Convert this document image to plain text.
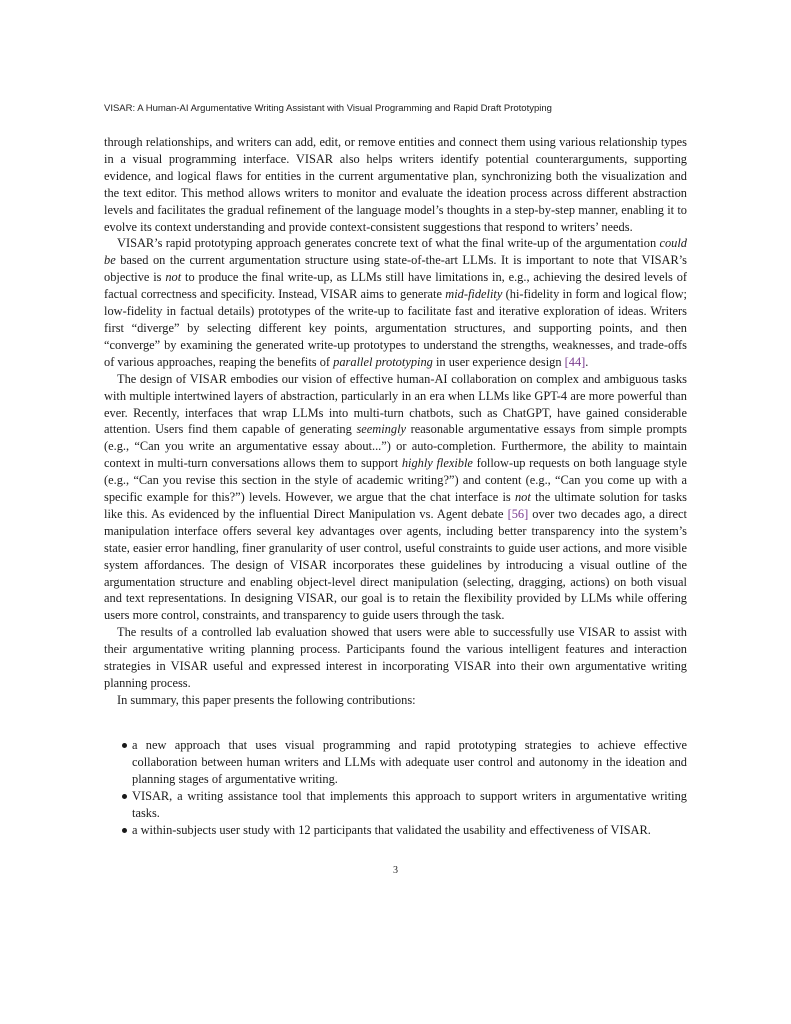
VISAR: A Human-AI Argumentative Writing Assistant with Visual Programming and Rapid Draft Prototyping

through relationships, and writers can add, edit, or remove entities and connect them using various relationship types in a visual programming interface. VISAR also helps writers identify potential counterarguments, supporting evidence, and logical flaws for entities in the current argumentative plan, synchronizing both the visualization and the text editor. This method allows writers to monitor and evaluate the ideation process across different abstraction levels and facilitates the gradual refinement of the language model’s thoughts in a step-by-step manner, enabling it to evolve its context understanding and provide context-consistent suggestions that respond to writers’ needs.

VISAR’s rapid prototyping approach generates concrete text of what the final write-up of the argumentation could be based on the current argumentation structure using state-of-the-art LLMs. It is important to note that VISAR’s objective is not to produce the final write-up, as LLMs still have limitations in, e.g., achieving the desired levels of factual correctness and specificity. Instead, VISAR aims to generate mid-fidelity (hi-fidelity in form and logical flow; low-fidelity in factual details) prototypes of the write-up to facilitate fast and iterative exploration of ideas. Writers first “diverge” by selecting different key points, argumentation structures, and supporting points, and then “converge” by examining the generated write-up prototypes to understand the strengths, weaknesses, and trade-offs of various approaches, reaping the benefits of parallel prototyping in user experience design [44].

The design of VISAR embodies our vision of effective human-AI collaboration on complex and ambiguous tasks with multiple intertwined layers of abstraction, particularly in an era when LLMs like GPT-4 are more powerful than ever. Recently, interfaces that wrap LLMs into multi-turn chatbots, such as ChatGPT, have gained considerable attention. Users find them capable of generating seemingly reasonable argumentative essays from simple prompts (e.g., “Can you write an argumentative essay about...”) or auto-completion. Furthermore, the ability to maintain context in multi-turn conversations allows them to support highly flexible follow-up requests on both language style (e.g., “Can you revise this section in the style of academic writing?”) and content (e.g., “Can you come up with a specific example for this?”) levels. However, we argue that the chat interface is not the ultimate solution for tasks like this. As evidenced by the influential Direct Manipulation vs. Agent debate [56] over two decades ago, a direct manipulation interface offers several key advantages over agents, including better transparency into the system’s state, easier error handling, finer granularity of user control, useful constraints to guide user actions, and more visible system affordances. The design of VISAR incorporates these guidelines by introducing a visual outline of the argumentation structure and enabling object-level direct manipulation (selecting, dragging, actions) on both visual and text representations. In designing VISAR, our goal is to retain the flexibility provided by LLMs while offering users more control, constraints, and transparency to guide users through the task.

The results of a controlled lab evaluation showed that users were able to successfully use VISAR to assist with their argumentative writing planning process. Participants found the various intelligent features and interaction strategies in VISAR useful and expressed interest in incorporating VISAR into their own argumentative writing planning process.

In summary, this paper presents the following contributions:

a new approach that uses visual programming and rapid prototyping strategies to achieve effective collaboration between human writers and LLMs with adequate user control and autonomy in the ideation and planning stages of argumentative writing.
VISAR, a writing assistance tool that implements this approach to support writers in argumentative writing tasks.
a within-subjects user study with 12 participants that validated the usability and effectiveness of VISAR.
3
